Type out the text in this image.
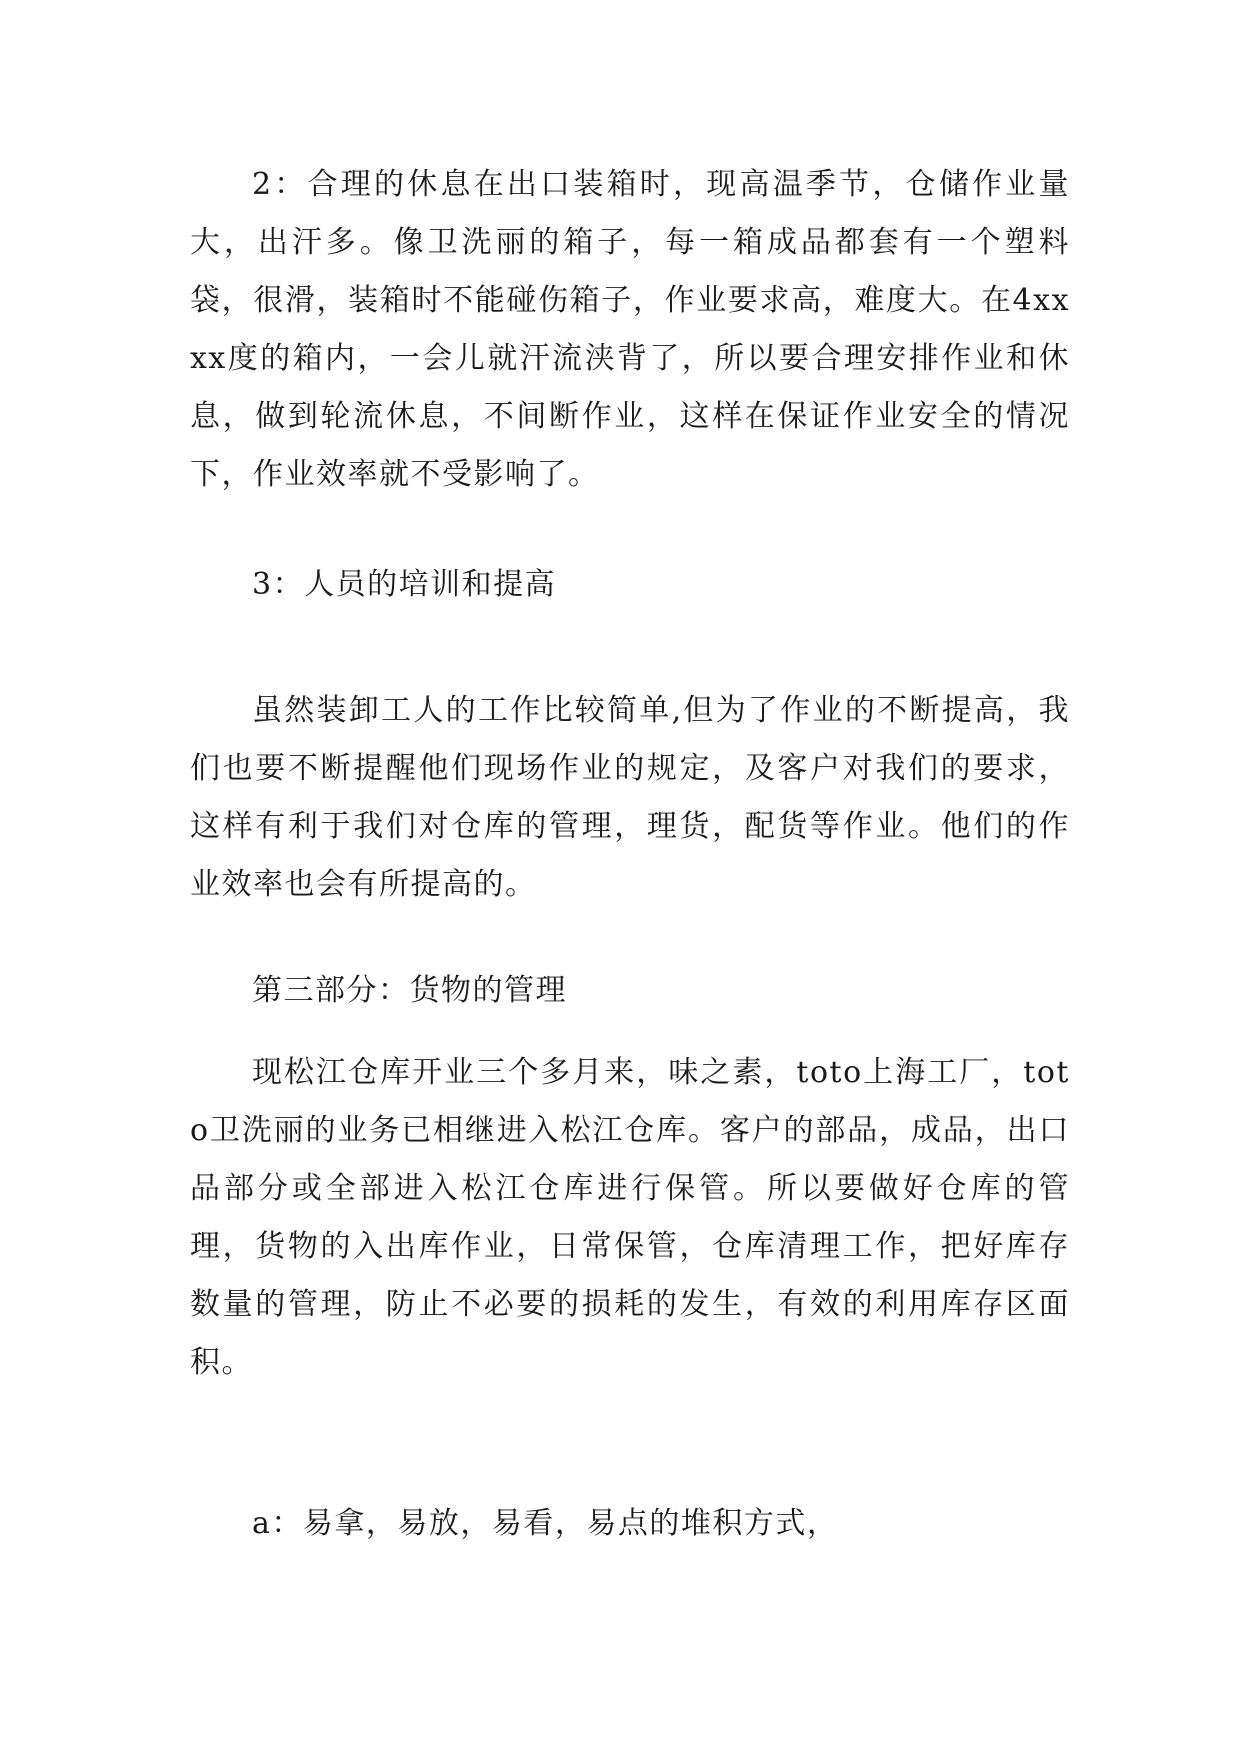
2：合理的休息在出口装箱时，现高温季节，仓储作业量大，出汗多。像卫洗丽的箱子，每一箱成品都套有一个塑料袋，很滑，装箱时不能碰伤箱子，作业要求高，难度大。在4xxxx度的箱内，一会儿就汗流浃背了，所以要合理安排作业和休息，做到轮流休息，不间断作业，这样在保证作业安全的情况下，作业效率就不受影响了。

3：人员的培训和提高

虽然装卸工人的工作比较简单,但为了作业的不断提高，我们也要不断提醒他们现场作业的规定，及客户对我们的要求，这样有利于我们对仓库的管理，理货，配货等作业。他们的作业效率也会有所提高的。

第三部分：货物的管理

现松江仓库开业三个多月来，味之素，toto上海工厂，toto卫洗丽的业务已相继进入松江仓库。客户的部品，成品，出口品部分或全部进入松江仓库进行保管。所以要做好仓库的管理，货物的入出库作业，日常保管，仓库清理工作，把好库存数量的管理，防止不必要的损耗的发生，有效的利用库存区面积。

a：易拿，易放，易看，易点的堆积方式，
